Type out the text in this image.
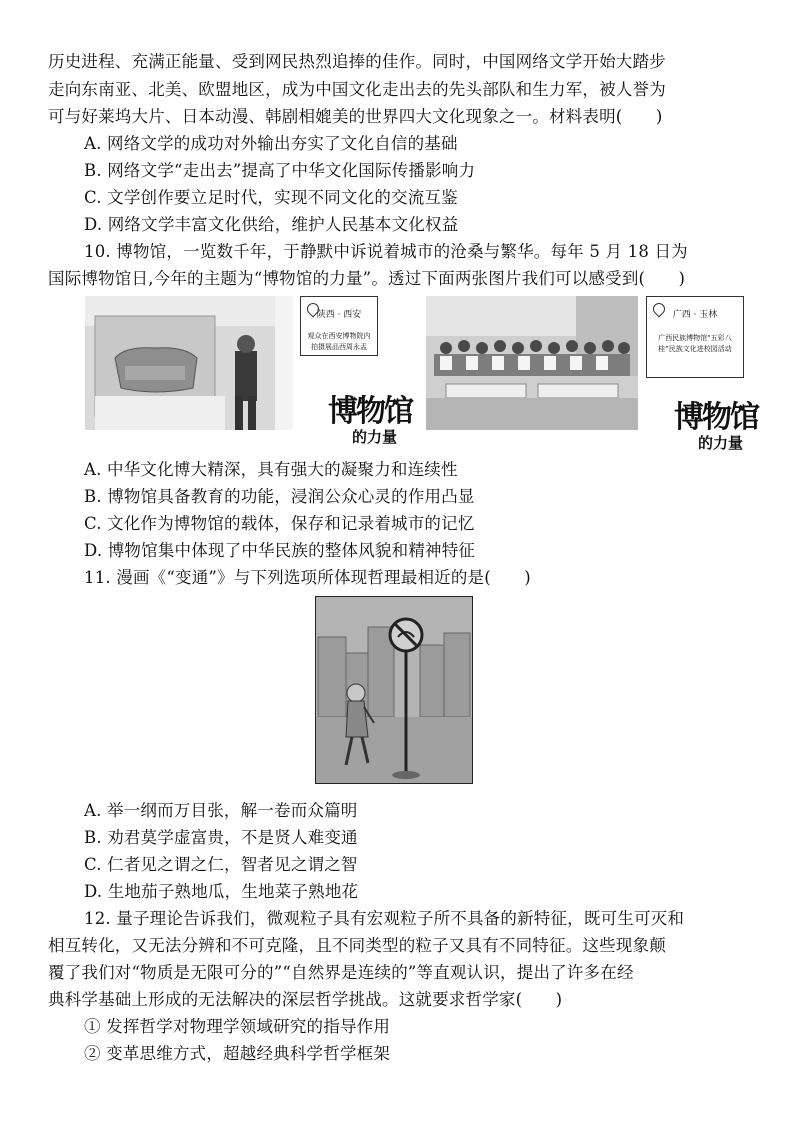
历史进程、充满正能量、受到网民热烈追捧的佳作。同时，中国网络文学开始大踏步
走向东南亚、北美、欧盟地区，成为中国文化走出去的先头部队和生力军，被人誉为
可与好莱坞大片、日本动漫、韩剧相媲美的世界四大文化现象之一。材料表明(　　)
A. 网络文学的成功对外输出夯实了文化自信的基础
B. 网络文学“走出去”提高了中华文化国际传播影响力
C. 文学创作要立足时代，实现不同文化的交流互鉴
D. 网络文学丰富文化供给，维护人民基本文化权益
10. 博物馆，一览数千年，于静默中诉说着城市的沧桑与繁华。每年 5 月 18 日为
国际博物馆日,今年的主题为“博物馆的力量”。透过下面两张图片我们可以感受到(　　)
陕西 · 西安
观众在西安博物院内拍摄展品西周永盂
博物馆
的力量
广西 · 玉林
广西民族博物馆“五彩八桂”民族文化进校园活动
博物馆
的力量
A. 中华文化博大精深，具有强大的凝聚力和连续性
B. 博物馆具备教育的功能，浸润公众心灵的作用凸显
C. 文化作为博物馆的载体，保存和记录着城市的记忆
D. 博物馆集中体现了中华民族的整体风貌和精神特征
11. 漫画《“变通”》与下列选项所体现哲理最相近的是(　　)
A. 举一纲而万目张，解一卷而众篇明
B. 劝君莫学虚富贵，不是贤人难变通
C. 仁者见之谓之仁，智者见之谓之智
D. 生地茄子熟地瓜，生地菜子熟地花
12. 量子理论告诉我们，微观粒子具有宏观粒子所不具备的新特征，既可生可灭和
相互转化，又无法分辨和不可克隆，且不同类型的粒子又具有不同特征。这些现象颠
覆了我们对“物质是无限可分的”“自然界是连续的”等直观认识，提出了许多在经
典科学基础上形成的无法解决的深层哲学挑战。这就要求哲学家(　　)
① 发挥哲学对物理学领域研究的指导作用
② 变革思维方式，超越经典科学哲学框架
